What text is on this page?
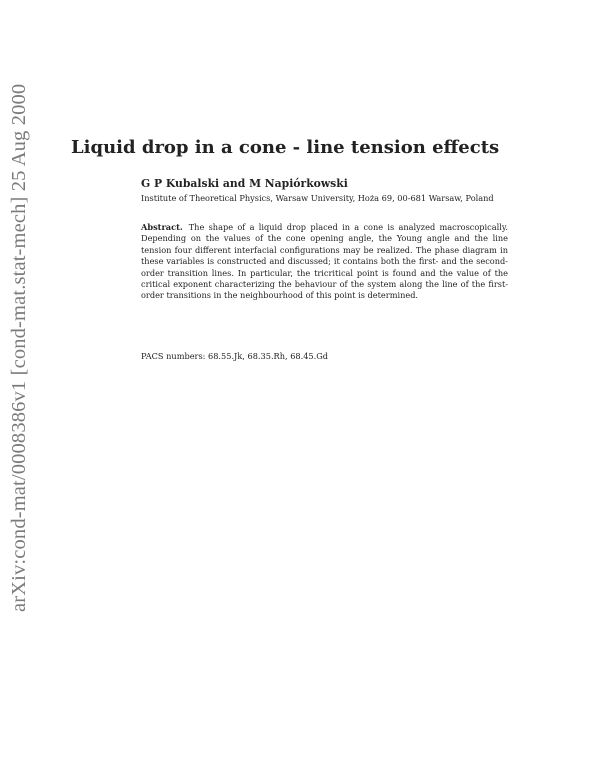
arXiv:cond-mat/0008386v1 [cond-mat.stat-mech] 25 Aug 2000 Liquid drop in a cone - line tension effects

G P Kubalski and M Napiórkowski

Institute of Theoretical Physics, Warsaw University, Hoża 69, 00-681 Warsaw, Poland

Abstract. The shape of a liquid drop placed in a cone is analyzed macroscopically. Depending on the values of the cone opening angle, the Young angle and the line tension four different interfacial configurations may be realized. The phase diagram in these variables is constructed and discussed; it contains both the first- and the second-order transition lines. In particular, the tricritical point is found and the value of the critical exponent characterizing the behaviour of the system along the line of the first-order transitions in the neighbourhood of this point is determined.

PACS numbers: 68.55.Jk, 68.35.Rh, 68.45.Gd
